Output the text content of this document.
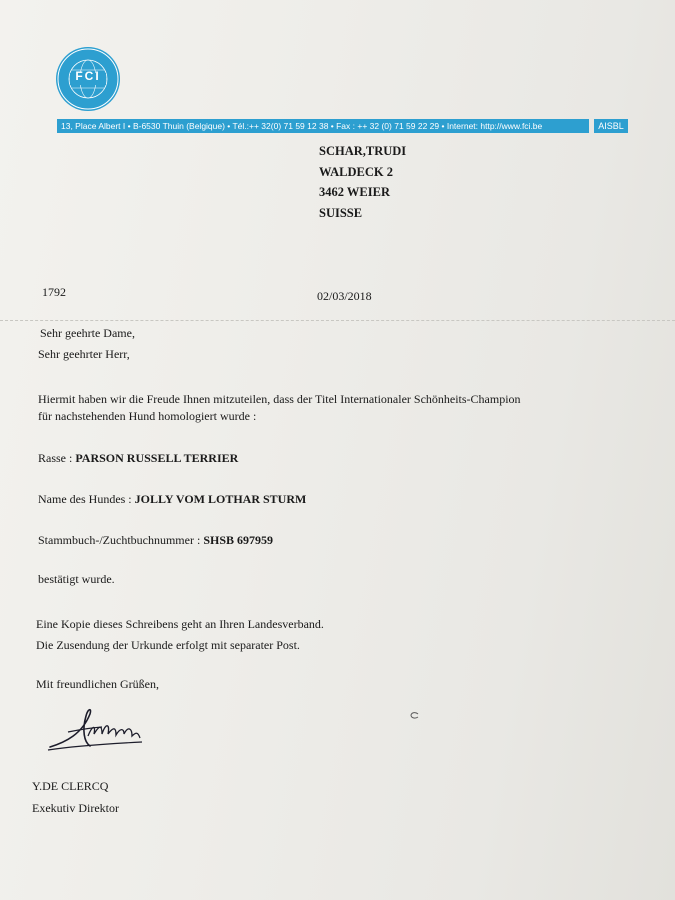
FCI
13, Place Albert I • B-6530 Thuin (Belgique) • Tél.:++ 32(0) 71 59 12 38 • Fax : ++ 32 (0) 71 59 22 29 • Internet: http://www.fci.be	AISBL
SCHAR,TRUDI
WALDECK 2
3462 WEIER
SUISSE
1792	02/03/2018
Sehr geehrte Dame,
Sehr geehrter Herr,
Hiermit haben wir die Freude Ihnen mitzuteilen, dass der Titel Internationaler Schönheits-Champion
für nachstehenden Hund homologiert wurde :
Rasse : PARSON RUSSELL TERRIER
Name des Hundes : JOLLY VOM LOTHAR STURM
Stammbuch-/Zuchtbuchnummer : SHSB 697959
bestätigt wurde.
Eine Kopie dieses Schreibens geht an Ihren Landesverband.
Die Zusendung der Urkunde erfolgt mit separater Post.
Mit freundlichen Grüßen,
Y.DE CLERCQ
Exekutiv Direktor
